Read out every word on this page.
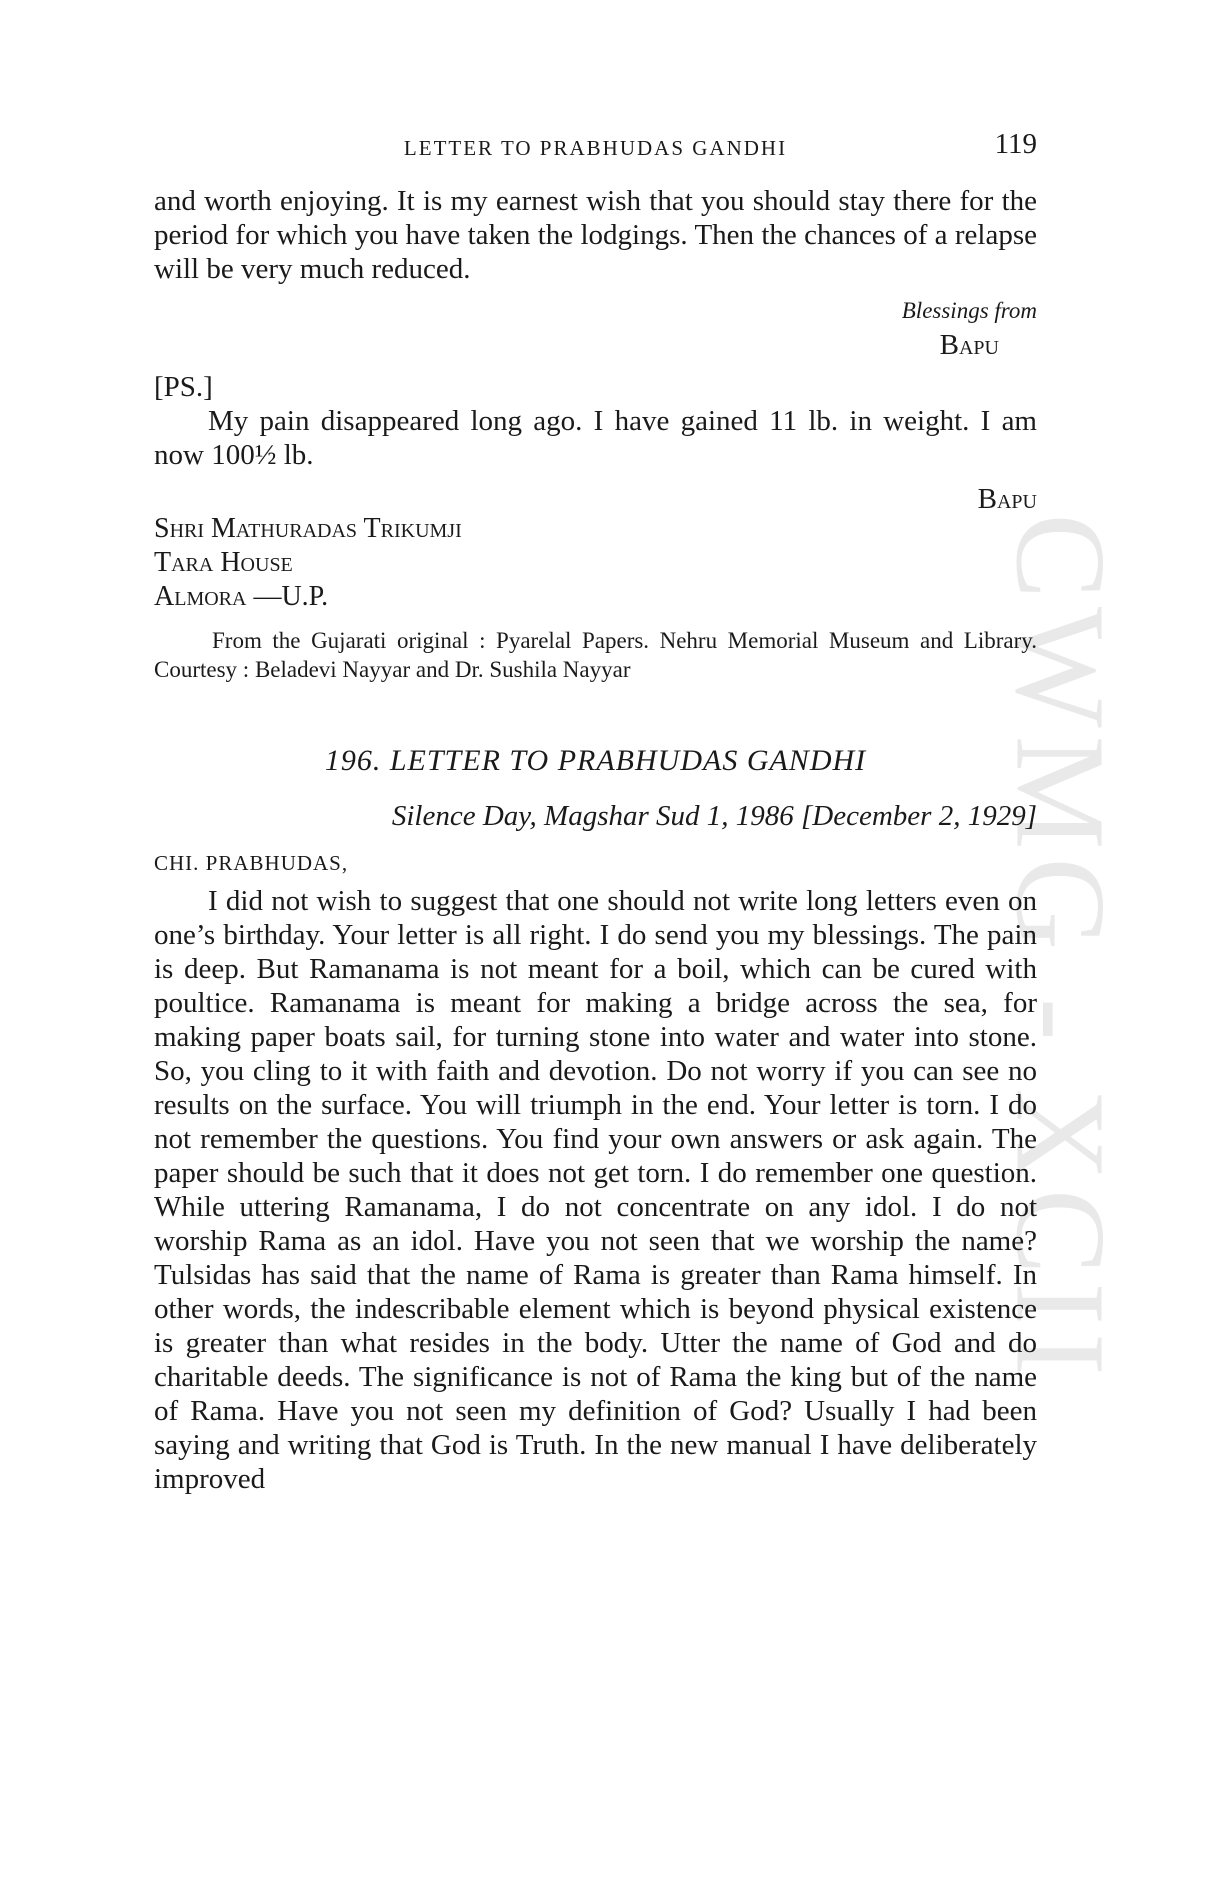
CWMG - XCII
LETTER TO PRABHUDAS GANDHI	119

and worth enjoying. It is my earnest wish that you should stay there for the period for which you have taken the lodgings. Then the chances of a relapse will be very much reduced.

Blessings from
Bapu
[PS.]

My pain disappeared long ago. I have gained 11 lb. in weight. I am now 100½ lb.

Bapu
Shri Mathuradas Trikumji
Tara House
Almora —U.P.

From the Gujarati original : Pyarelal Papers. Nehru Memorial Museum and Library. Courtesy : Beladevi Nayyar and Dr. Sushila Nayyar

196. LETTER TO PRABHUDAS GANDHI
Silence Day, Magshar Sud 1, 1986 [December 2, 1929]
CHI. PRABHUDAS,

I did not wish to suggest that one should not write long letters even on one’s birthday. Your letter is all right. I do send you my blessings. The pain is deep. But Ramanama is not meant for a boil, which can be cured with poultice. Ramanama is meant for making a bridge across the sea, for making paper boats sail, for turning stone into water and water into stone. So, you cling to it with faith and devotion. Do not worry if you can see no results on the surface. You will triumph in the end. Your letter is torn. I do not remember the questions. You find your own answers or ask again. The paper should be such that it does not get torn. I do remember one question. While uttering Ramanama, I do not concentrate on any idol. I do not worship Rama as an idol. Have you not seen that we worship the name? Tulsidas has said that the name of Rama is greater than Rama himself. In other words, the indescribable element which is beyond physical existence is greater than what resides in the body. Utter the name of God and do charitable deeds. The significance is not of Rama the king but of the name of Rama. Have you not seen my definition of God? Usually I had been saying and writing that God is Truth. In the new manual I have deliberately improved
